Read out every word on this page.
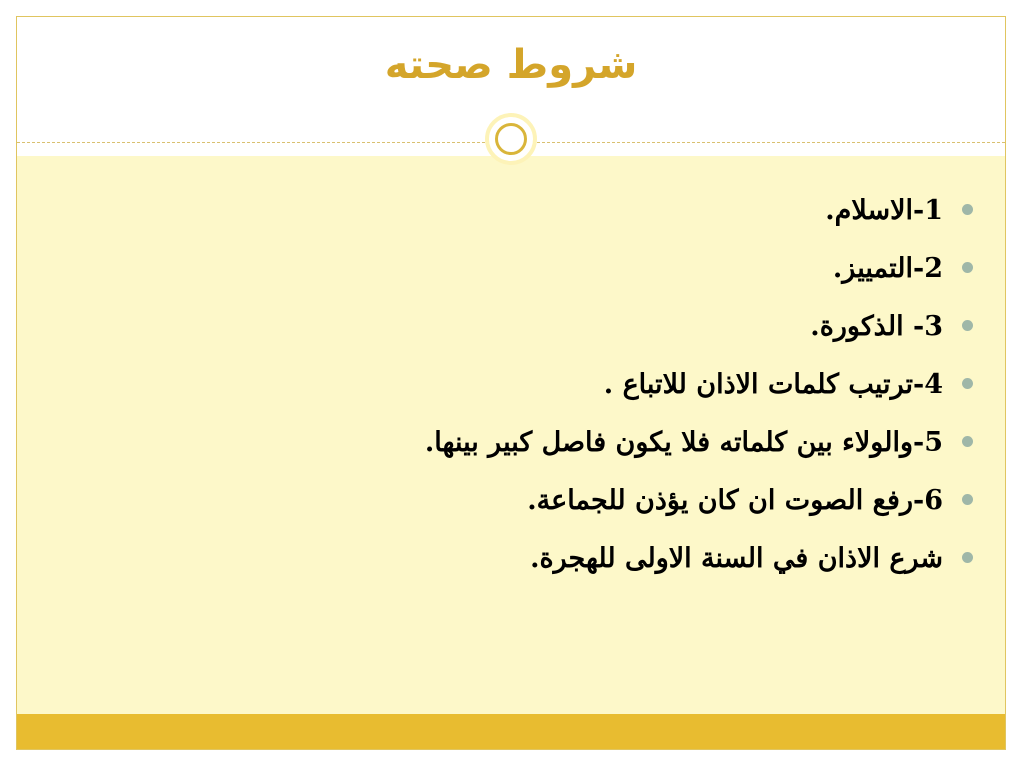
شروط صحته
1-الاسلام.
2-التمييز.
3- الذكورة.
4-ترتيب كلمات الاذان للاتباع .
5-والولاء بين كلماته فلا يكون فاصل كبير بينها.
6-رفع الصوت ان كان يؤذن للجماعة.
شرع الاذان في السنة الاولى للهجرة.
